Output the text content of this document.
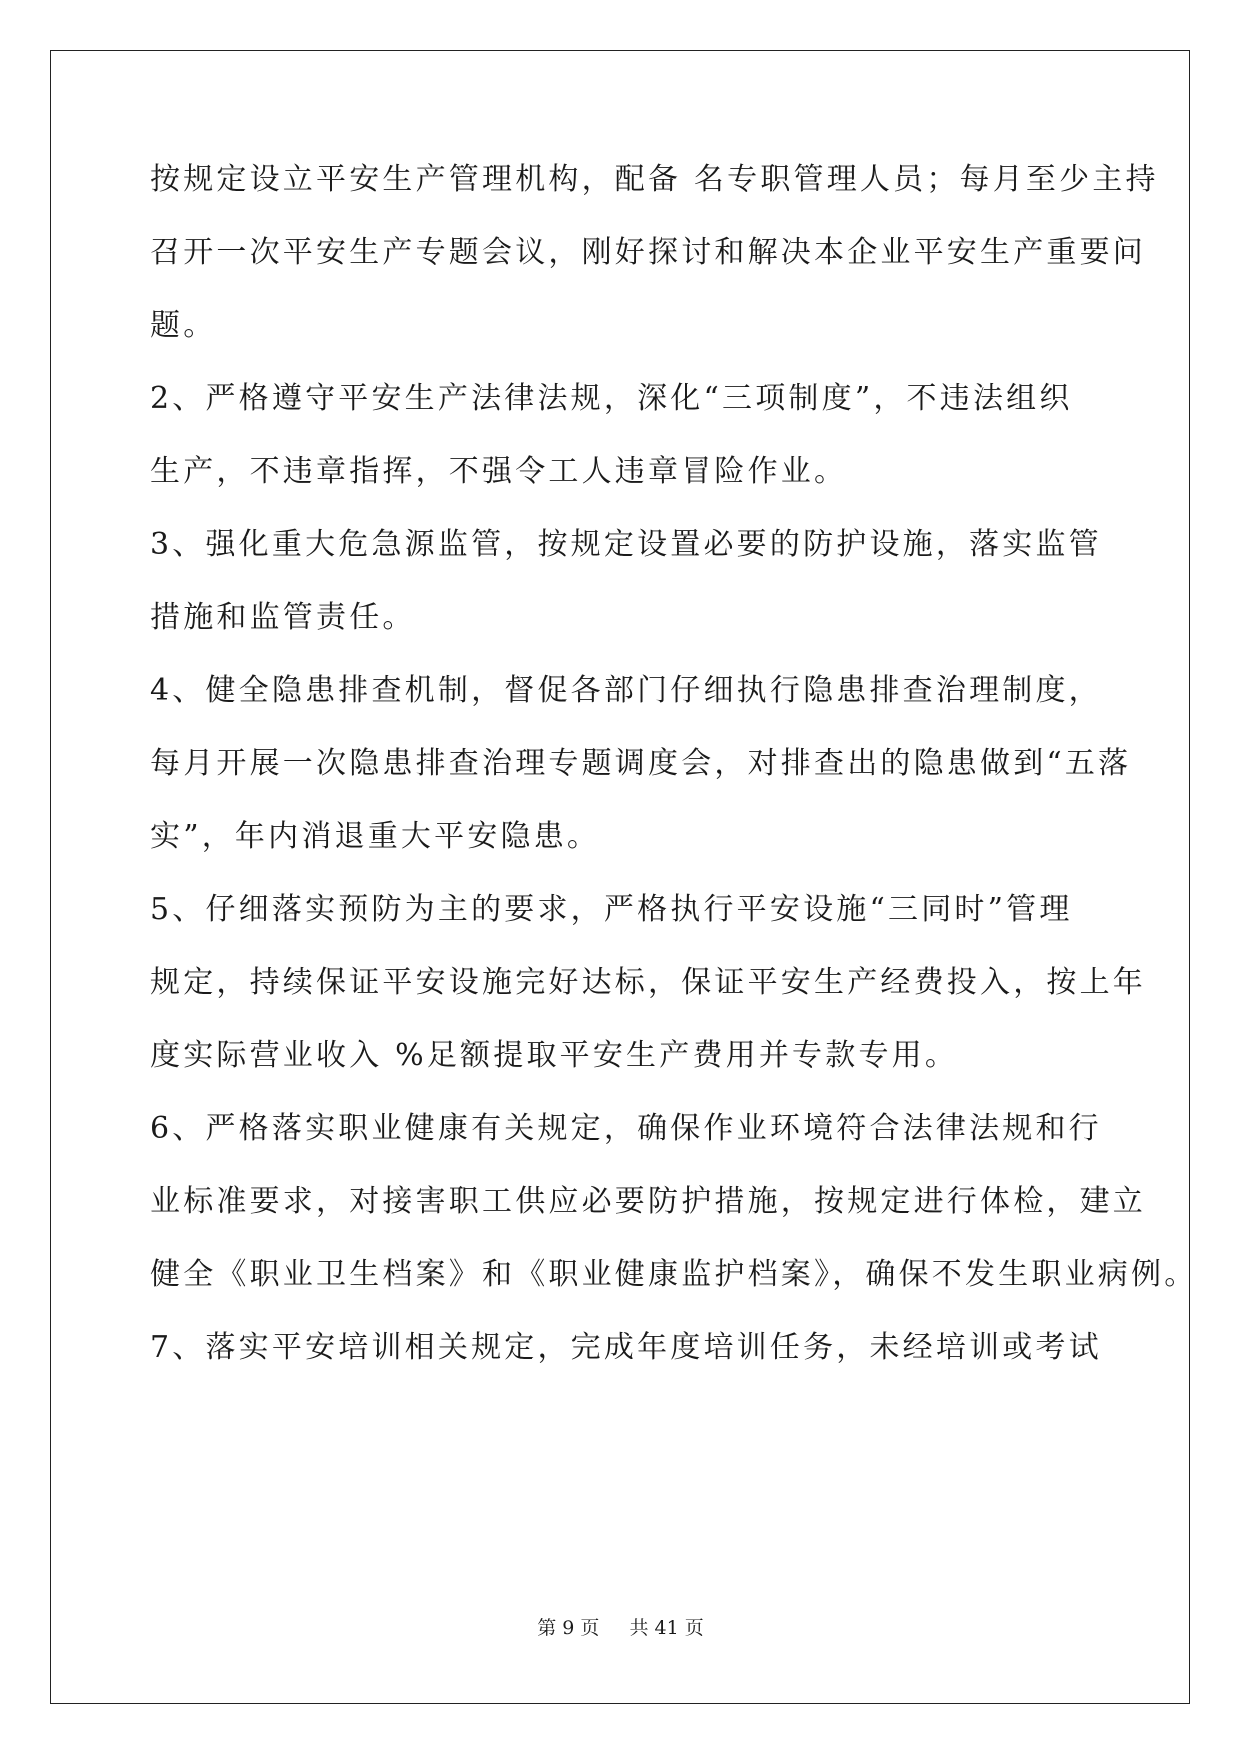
按规定设立平安生产管理机构，配备 名专职管理人员；每月至少主持
召开一次平安生产专题会议，刚好探讨和解决本企业平安生产重要问
题。
2、严格遵守平安生产法律法规，深化“三项制度”，不违法组织
生产，不违章指挥，不强令工人违章冒险作业。
3、强化重大危急源监管，按规定设置必要的防护设施，落实监管
措施和监管责任。
4、健全隐患排查机制，督促各部门仔细执行隐患排查治理制度，
每月开展一次隐患排查治理专题调度会，对排查出的隐患做到“五落
实”，年内消退重大平安隐患。
5、仔细落实预防为主的要求，严格执行平安设施“三同时”管理
规定，持续保证平安设施完好达标，保证平安生产经费投入，按上年
度实际营业收入 %足额提取平安生产费用并专款专用。
6、严格落实职业健康有关规定，确保作业环境符合法律法规和行
业标准要求，对接害职工供应必要防护措施，按规定进行体检，建立
健全《职业卫生档案》和《职业健康监护档案》，确保不发生职业病例。
7、落实平安培训相关规定，完成年度培训任务，未经培训或考试
第 9 页 共 41 页
